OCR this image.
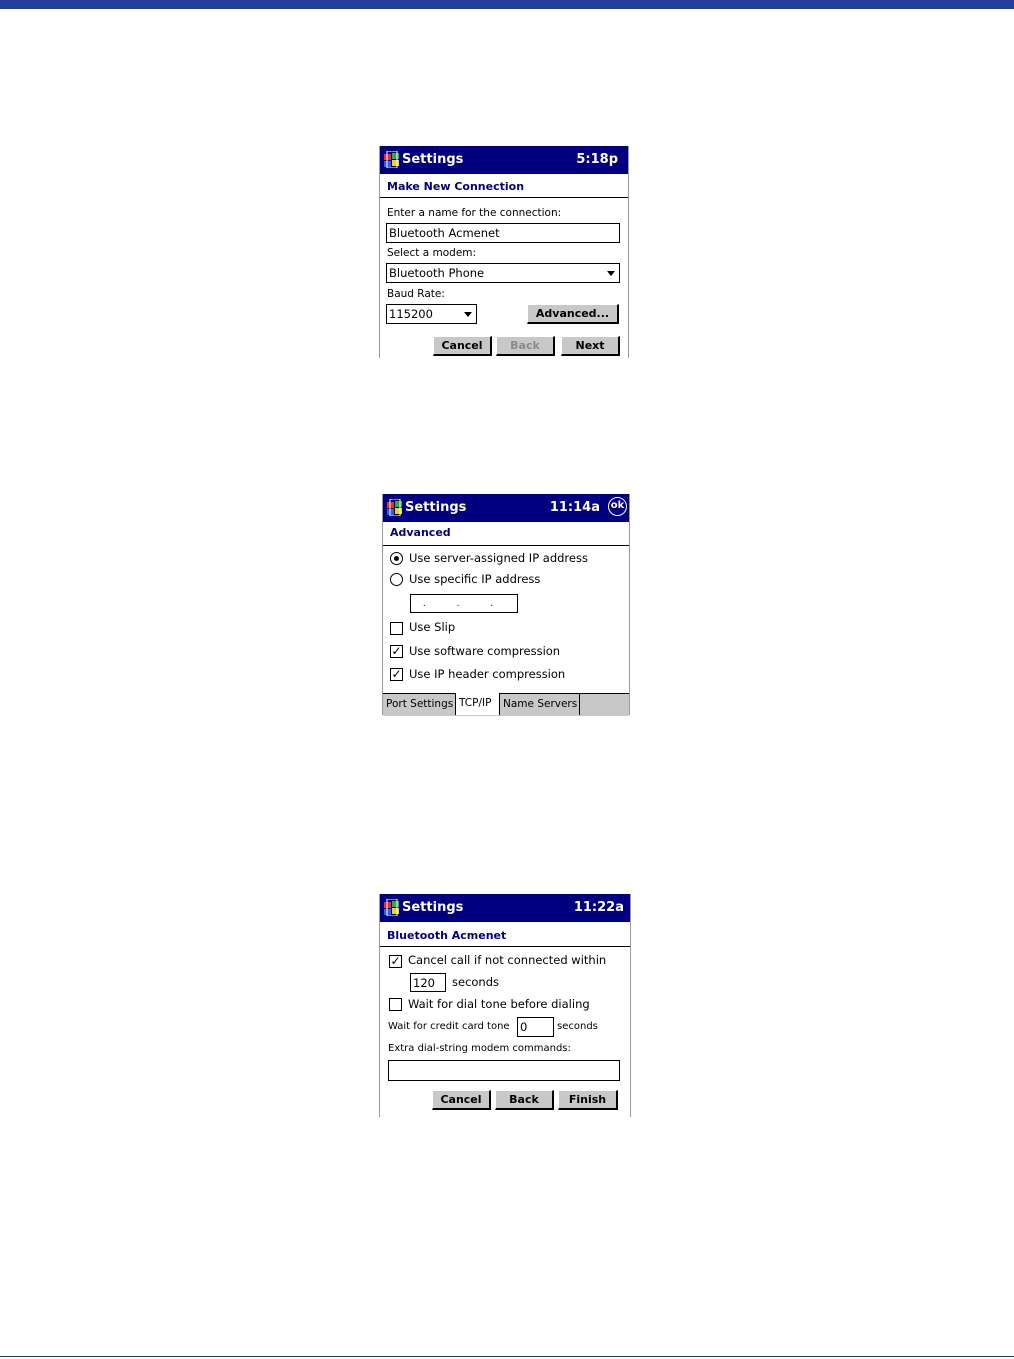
Settings	5:18p
Make New Connection
Enter a name for the connection:
Bluetooth Acmenet
Select a modem:
Bluetooth Phone
Baud Rate:
115200	Advanced...
Cancel	Back	Next
Settings	11:14a ok
Advanced
Use server-assigned IP address
Use specific IP address
. . .
Use Slip
✓ Use software compression
✓ Use IP header compression
Port Settings TCP/IP	Name Servers
Settings	11:22a
Bluetooth Acmenet
✓ Cancel call if not connected within
120	seconds
Wait for dial tone before dialing
Wait for credit card tone 0	seconds
Extra dial-string modem commands:
Cancel	Back	Finish
